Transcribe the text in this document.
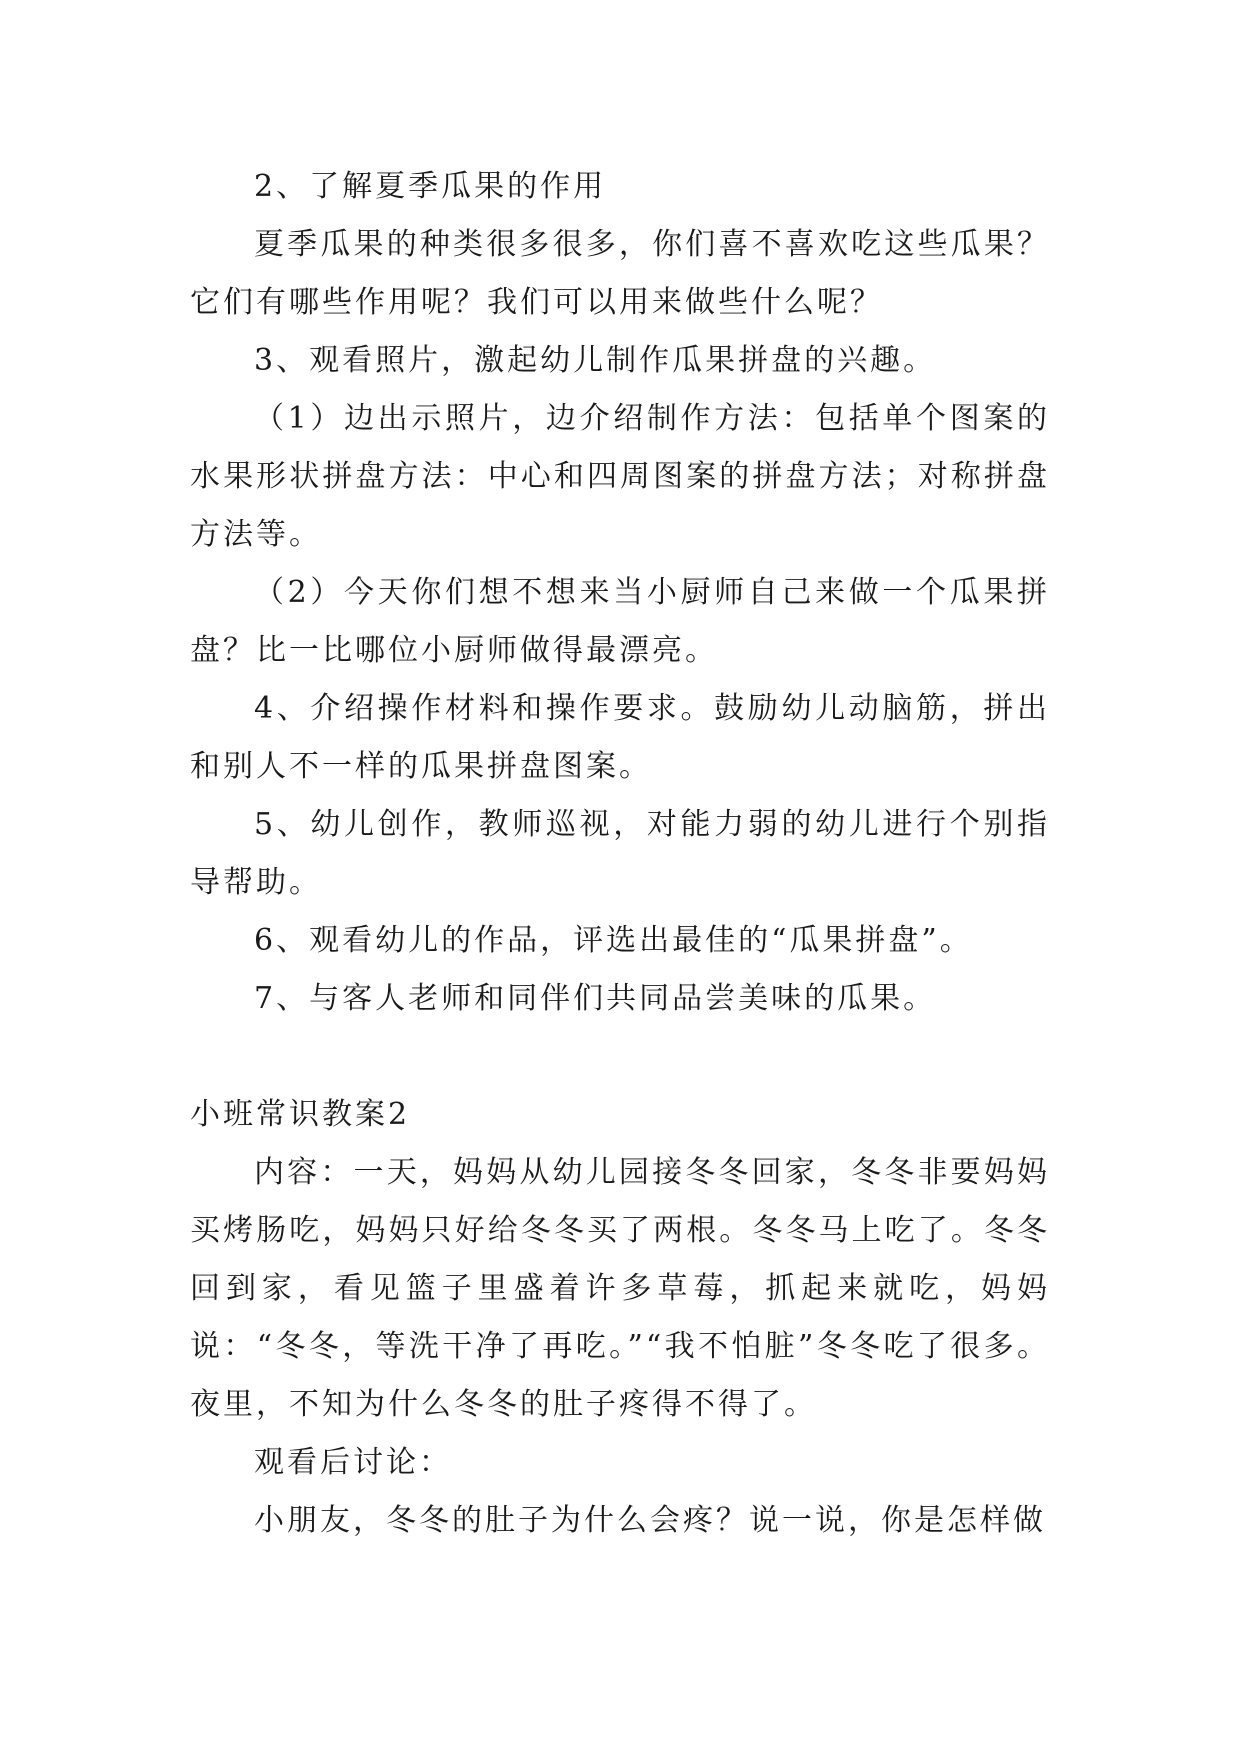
2、了解夏季瓜果的作用

夏季瓜果的种类很多很多，你们喜不喜欢吃这些瓜果？它们有哪些作用呢？我们可以用来做些什么呢？

3、观看照片，激起幼儿制作瓜果拼盘的兴趣。

（1）边出示照片，边介绍制作方法：包括单个图案的水果形状拼盘方法：中心和四周图案的拼盘方法；对称拼盘方法等。

（2）今天你们想不想来当小厨师自己来做一个瓜果拼盘？比一比哪位小厨师做得最漂亮。

4、介绍操作材料和操作要求。鼓励幼儿动脑筋，拼出和别人不一样的瓜果拼盘图案。

5、幼儿创作，教师巡视，对能力弱的幼儿进行个别指导帮助。

6、观看幼儿的作品，评选出最佳的“瓜果拼盘”。

7、与客人老师和同伴们共同品尝美味的瓜果。

小班常识教案2

内容：一天，妈妈从幼儿园接冬冬回家，冬冬非要妈妈买烤肠吃，妈妈只好给冬冬买了两根。冬冬马上吃了。冬冬回到家，看见篮子里盛着许多草莓，抓起来就吃，妈妈说：“冬冬，等洗干净了再吃。”“我不怕脏”冬冬吃了很多。夜里，不知为什么冬冬的肚子疼得不得了。

观看后讨论：

小朋友，冬冬的肚子为什么会疼？说一说，你是怎样做
